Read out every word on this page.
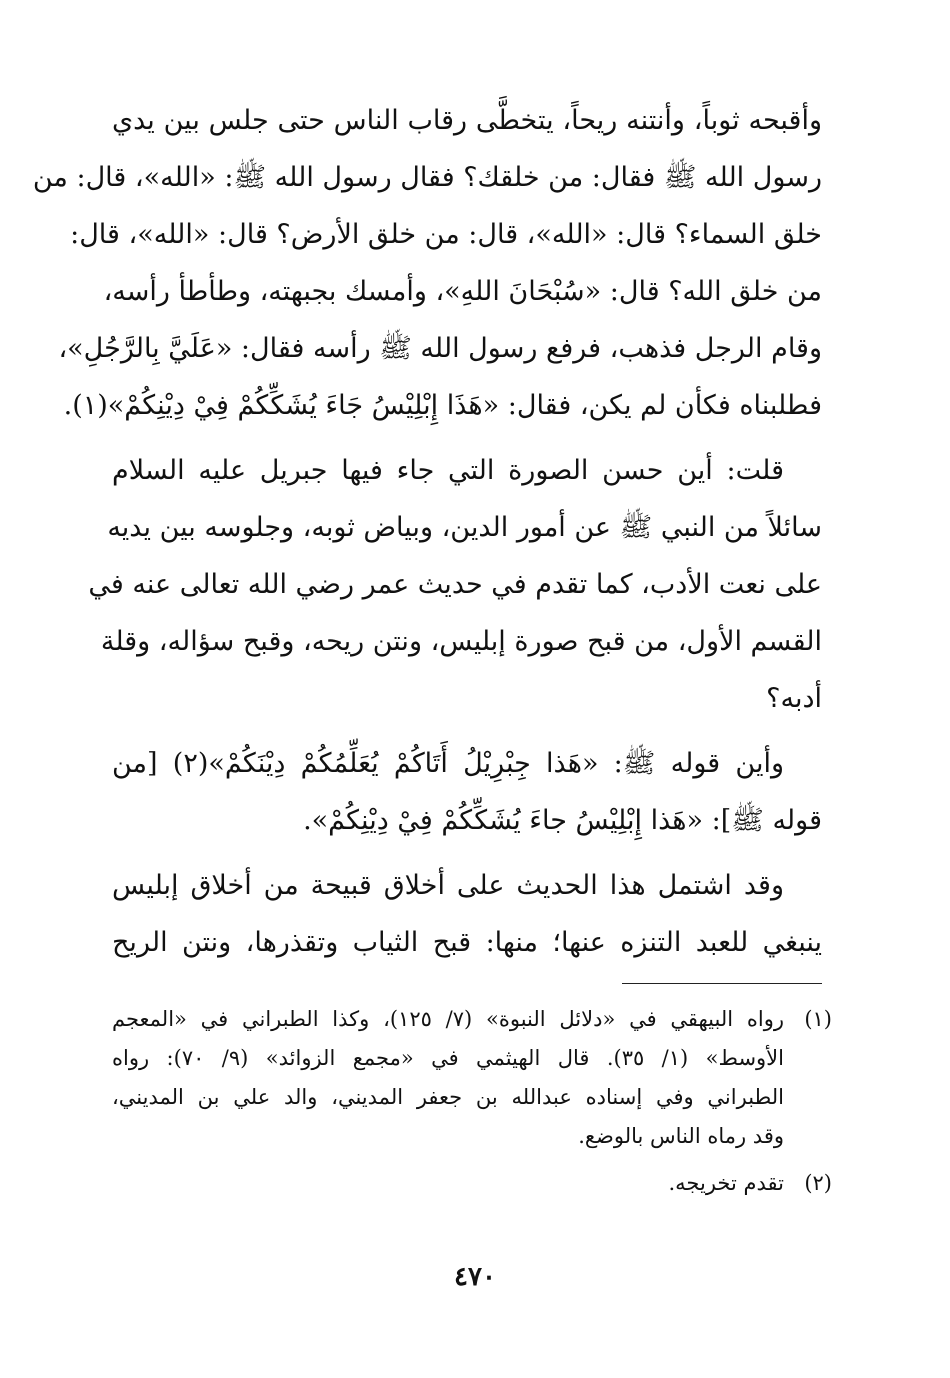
وأقبحه ثوباً، وأنتنه ريحاً، يتخطَّى رقاب الناس حتى جلس بين يدي
رسول الله ﷺ فقال: من خلقك؟ فقال رسول الله ﷺ: «الله»، قال: من
خلق السماء؟ قال: «الله»، قال: من خلق الأرض؟ قال: «الله»، قال:
من خلق الله؟ قال: «سُبْحَانَ اللهِ»، وأمسك بجبهته، وطأطأ رأسه،
وقام الرجل فذهب، فرفع رسول الله ﷺ رأسه فقال: «عَلَيَّ بِالرَّجُلِ»،
فطلبناه فكأن لم يكن، فقال: «هَذَا إِبْلِيْسُ جَاءَ يُشَكِّكُمْ فِيْ دِيْنِكُمْ»(١).
قلت: أين حسن الصورة التي جاء فيها جبريل عليه السلام
سائلاً من النبي ﷺ عن أمور الدين، وبياض ثوبه، وجلوسه بين يديه
على نعت الأدب، كما تقدم في حديث عمر رضي الله تعالى عنه في
القسم الأول، من قبح صورة إبليس، ونتن ريحه، وقبح سؤاله، وقلة
أدبه؟
وأين قوله ﷺ: «هَذا جِبْرِيْلُ أَتَاكُمْ يُعَلِّمُكُمْ دِيْنَكُمْ»(٢) [من
قوله ﷺ]: «هَذا إِبْلِيْسُ جاءَ يُشَكِّكُمْ فِيْ دِيْنِكُمْ».
وقد اشتمل هذا الحديث على أخلاق قبيحة من أخلاق إبليس
ينبغي للعبد التنزه عنها؛ منها: قبح الثياب وتقذرها، ونتن الريح
(١)
رواه البيهقي في «دلائل النبوة» (٧/ ١٢٥)، وكذا الطبراني في «المعجم
الأوسط» (١/ ٣٥). قال الهيثمي في «مجمع الزوائد» (٩/ ٧٠): رواه
الطبراني وفي إسناده عبدالله بن جعفر المديني، والد علي بن المديني،
وقد رماه الناس بالوضع.
(٢)
تقدم تخريجه.
٤٧٠
